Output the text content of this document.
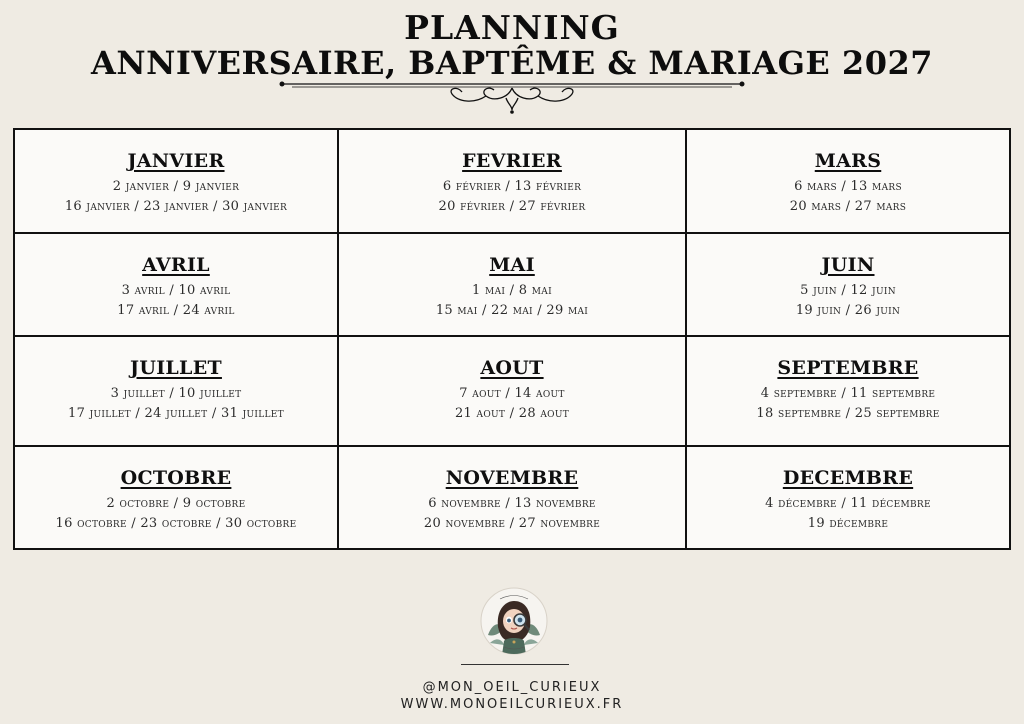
PLANNING
ANNIVERSAIRE, BAPTÊME & MARIAGE 2027
JANVIER
2 janvier / 9 janvier
16 janvier / 23 janvier / 30 janvier
FEVRIER
6 février / 13 février
20 février / 27 février
MARS
6 mars / 13 mars
20 mars / 27 mars
AVRIL
3 avril / 10 avril
17 avril / 24 avril
MAI
1 mai / 8 mai
15 mai / 22 mai / 29 mai
JUIN
5 juin / 12 juin
19 juin / 26 juin
JUILLET
3 juillet / 10 juillet
17 juillet / 24 juillet / 31 juillet
AOUT
7 aout / 14 aout
21 aout / 28 aout
SEPTEMBRE
4 septembre / 11 septembre
18 septembre / 25 septembre
OCTOBRE
2 octobre / 9 octobre
16 octobre / 23 octobre / 30 octobre
NOVEMBRE
6 novembre / 13 novembre
20 novembre / 27 novembre
DECEMBRE
4 décembre / 11 décembre
19 décembre
@MON_OEIL_CURIEUX
WWW.MONOEILCURIEUX.FR
